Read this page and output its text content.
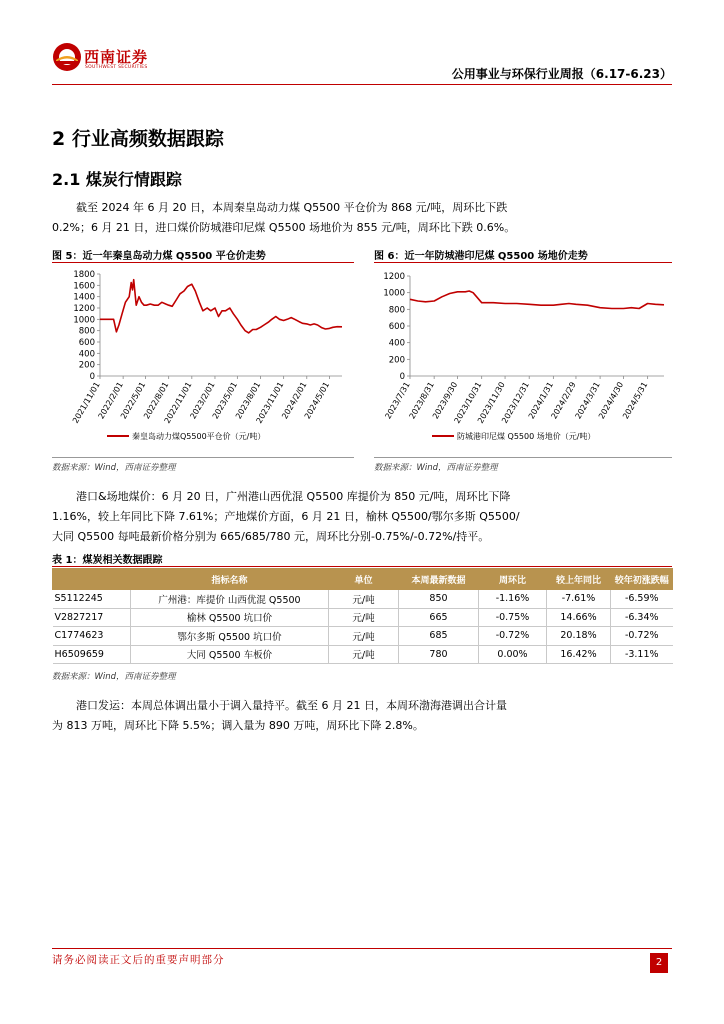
西南证券
SOUTHWEST SECURITIES	公用事业与环保行业周报（6.17-6.23）
2 行业高频数据跟踪
2.1 煤炭行情跟踪
截至 2024 年 6 月 20 日，本周秦皇岛动力煤 Q5500 平仓价为 868 元/吨，周环比下跌
0.2%；6 月 21 日，进口煤价防城港印尼煤 Q5500 场地价为 855 元/吨，周环比下跌 0.6%。
图 5：近一年秦皇岛动力煤 Q5500 平仓价走势
0
200
400
600
800
1000
1200
1400
1600
1800
2021/11/01
2022/2/01
2022/5/01
2022/8/01
2022/11/01
2023/2/01
2023/5/01
2023/8/01
2023/11/01
2024/2/01
2024/5/01
秦皇岛动力煤Q5500平仓价（元/吨）
数据来源：Wind，西南证券整理
图 6：近一年防城港印尼煤 Q5500 场地价走势
0
200
400
600
800
1000
1200
2023/7/31
2023/8/31
2023/9/30
2023/10/31
2023/11/30
2023/12/31
2024/1/31
2024/2/29
2024/3/31
2024/4/30
2024/5/31
防城港印尼煤 Q5500 场地价（元/吨）
数据来源：Wind，西南证券整理
港口&场地煤价：6 月 20 日，广州港山西优混 Q5500 库提价为 850 元/吨，周环比下降
1.16%，较上年同比下降 7.61%；产地煤价方面，6 月 21 日，榆林 Q5500/鄂尔多斯 Q5500/
大同 Q5500 每吨最新价格分别为 665/685/780 元，周环比分别-0.75%/-0.72%/持平。
表 1：煤炭相关数据跟踪
	指标名称	单位	本周最新数据	周环比	较上年同比	较年初涨跌幅
S5112245	广州港：库提价 山西优混 Q5500	元/吨	850	-1.16%	-7.61%	-6.59%
V2827217	榆林 Q5500 坑口价	元/吨	665	-0.75%	14.66%	-6.34%
C1774623	鄂尔多斯 Q5500 坑口价	元/吨	685	-0.72%	20.18%	-0.72%
H6509659	大同 Q5500 车板价	元/吨	780	0.00%	16.42%	-3.11%
数据来源：Wind，西南证券整理
港口发运：本周总体调出量小于调入量持平。截至 6 月 21 日，本周环渤海港调出合计量
为 813 万吨，周环比下降 5.5%；调入量为 890 万吨，周环比下降 2.8%。
请务必阅读正文后的重要声明部分	2
